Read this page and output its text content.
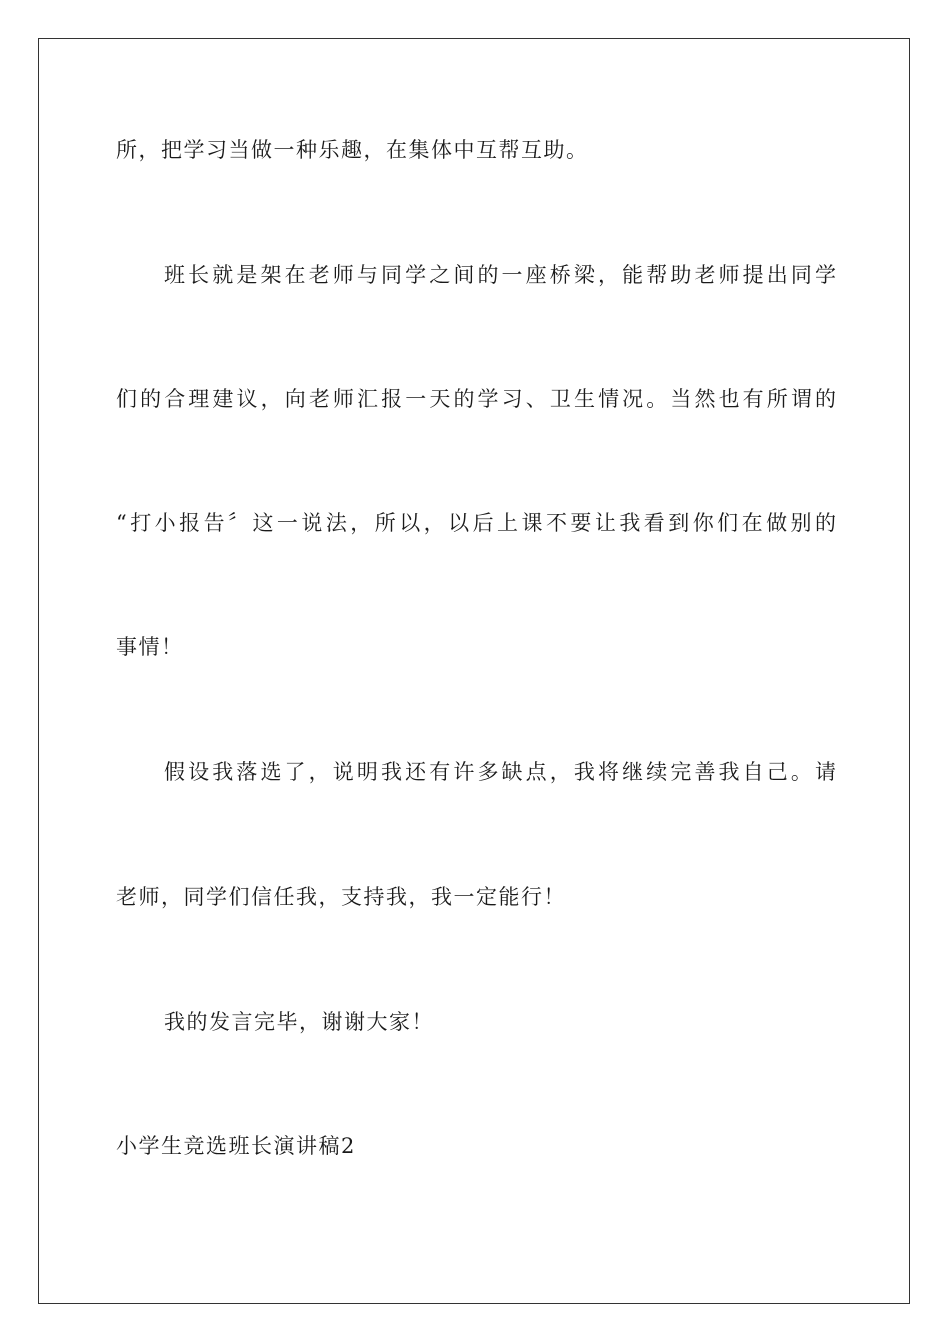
所，把学习当做一种乐趣，在集体中互帮互助。
班长就是架在老师与同学之间的一座桥梁，能帮助老师提出同学
们的合理建议，向老师汇报一天的学习、卫生情况。当然也有所谓的
“打小报告〞这一说法，所以，以后上课不要让我看到你们在做别的
事情！
假设我落选了，说明我还有许多缺点，我将继续完善我自己。请
老师，同学们信任我，支持我，我一定能行！
我的发言完毕，谢谢大家！
小学生竞选班长演讲稿2
